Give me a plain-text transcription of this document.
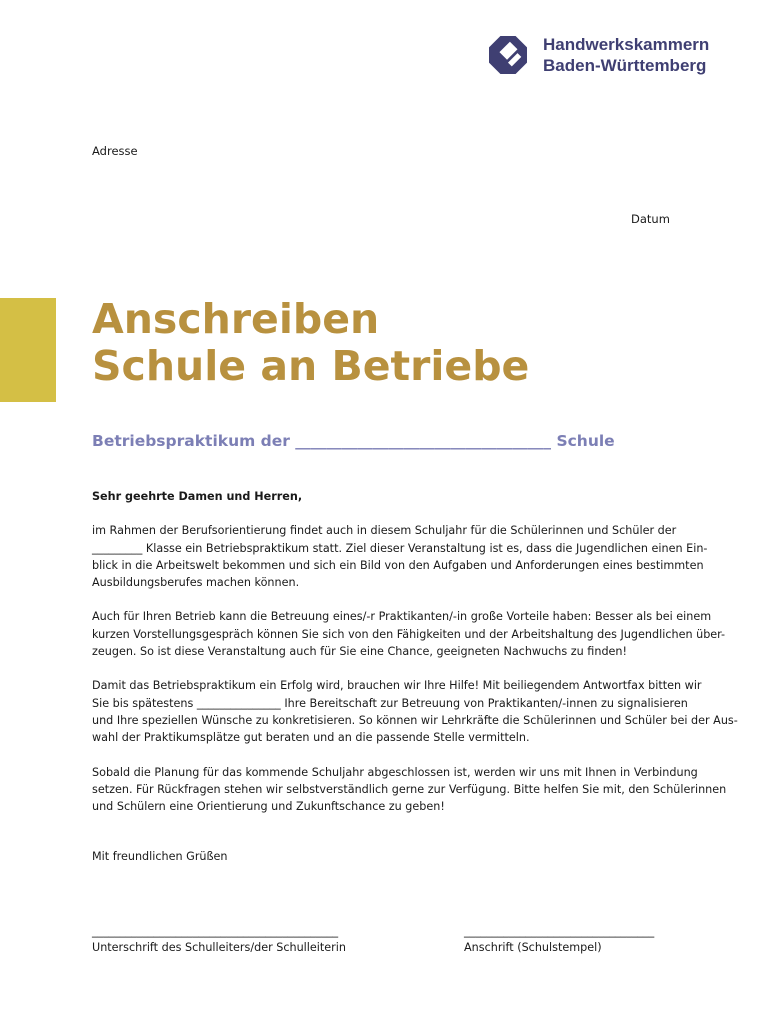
Handwerkskammern
Baden-Württemberg
Adresse
Datum
Anschreiben
Schule an Betriebe
Betriebspraktikum der _________________________________ Schule

Sehr geehrte Damen und Herren,

im Rahmen der Berufsorientierung findet auch in diesem Schuljahr für die Schülerinnen und Schüler der
_________ Klasse ein Betriebspraktikum statt. Ziel dieser Veranstaltung ist es, dass die Jugendlichen einen Ein-
blick in die Arbeitswelt bekommen und sich ein Bild von den Aufgaben und Anforderungen eines bestimmten
Ausbildungsberufes machen können.

Auch für Ihren Betrieb kann die Betreuung eines/-r Praktikanten/-in große Vorteile haben: Besser als bei einem
kurzen Vorstellungsgespräch können Sie sich von den Fähigkeiten und der Arbeitshaltung des Jugendlichen über-
zeugen. So ist diese Veranstaltung auch für Sie eine Chance, geeigneten Nachwuchs zu finden!

Damit das Betriebspraktikum ein Erfolg wird, brauchen wir Ihre Hilfe! Mit beiliegendem Antwortfax bitten wir
Sie bis spätestens _______________ Ihre Bereitschaft zur Betreuung von Praktikanten/-innen zu signalisieren
und Ihre speziellen Wünsche zu konkretisieren. So können wir Lehrkräfte die Schülerinnen und Schüler bei der Aus-
wahl der Praktikumsplätze gut beraten und an die passende Stelle vermitteln.

Sobald die Planung für das kommende Schuljahr abgeschlossen ist, werden wir uns mit Ihnen in Verbindung
setzen. Für Rückfragen stehen wir selbstverständlich gerne zur Verfügung. Bitte helfen Sie mit, den Schülerinnen
und Schülern eine Orientierung und Zukunftschance zu geben!

Mit freundlichen Grüßen

____________________________________________
Unterschrift des Schulleiters/der Schulleiterin
__________________________________
Anschrift (Schulstempel)
